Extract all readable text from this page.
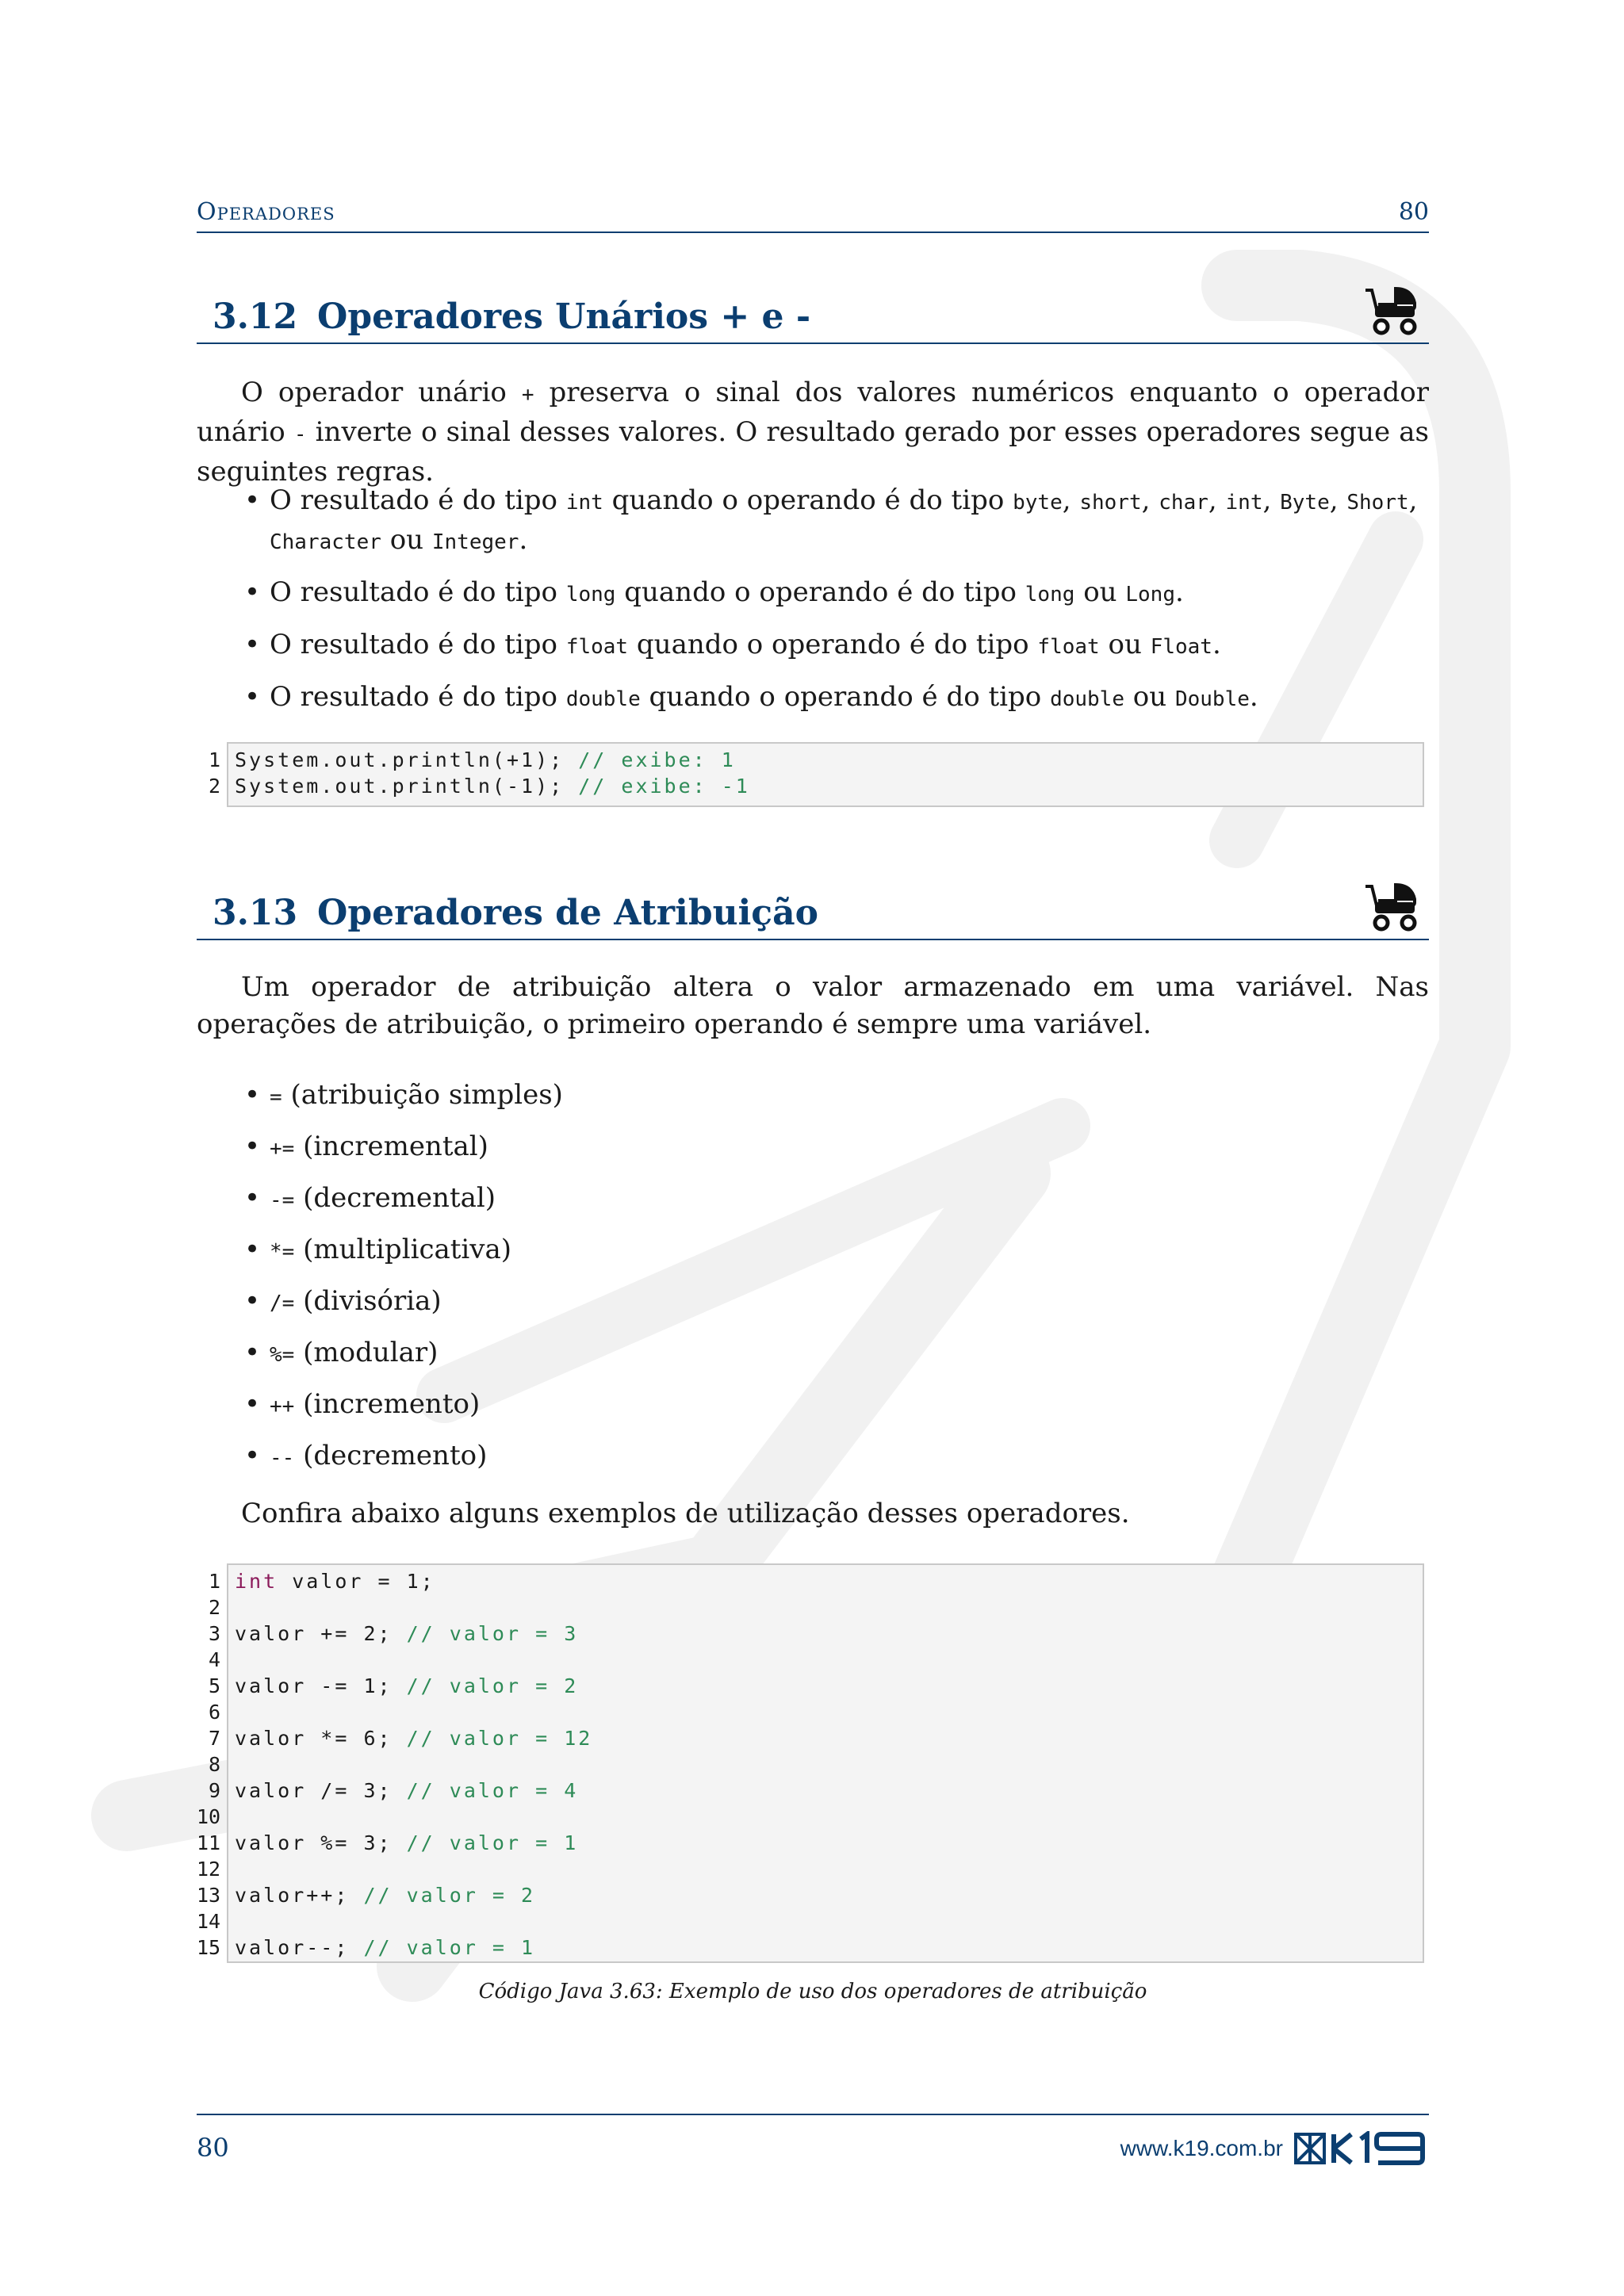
Operadores	80
3.12 Operadores Unários + e -
O operador unário + preserva o sinal dos valores numéricos enquanto o operador unário - inverte o sinal desses valores. O resultado gerado por esses operadores segue as seguintes regras.
• O resultado é do tipo int quando o operando é do tipo byte, short, char, int, Byte, Short, Character ou Integer.
• O resultado é do tipo long quando o operando é do tipo long ou Long.
• O resultado é do tipo float quando o operando é do tipo float ou Float.
• O resultado é do tipo double quando o operando é do tipo double ou Double.
1 System.out.println(+1); // exibe: 1
2 System.out.println(-1); // exibe: -1
3.13 Operadores de Atribuição
Um operador de atribuição altera o valor armazenado em uma variável. Nas operações de atribuição, o primeiro operando é sempre uma variável.
• = (atribuição simples)
• += (incremental)
• -= (decremental)
• *= (multiplicativa)
• /= (divisória)
• %= (modular)
• ++ (incremento)
• -- (decremento)
Confira abaixo alguns exemplos de utilização desses operadores.
1 int valor = 1;
2
3 valor += 2; // valor = 3
4
5 valor -= 1; // valor = 2
6
7 valor *= 6; // valor = 12
8
9 valor /= 3; // valor = 4
10
11 valor %= 3; // valor = 1
12
13 valor++; // valor = 2
14
15 valor--; // valor = 1
Código Java 3.63: Exemplo de uso dos operadores de atribuição
80	www.k19.com.br
